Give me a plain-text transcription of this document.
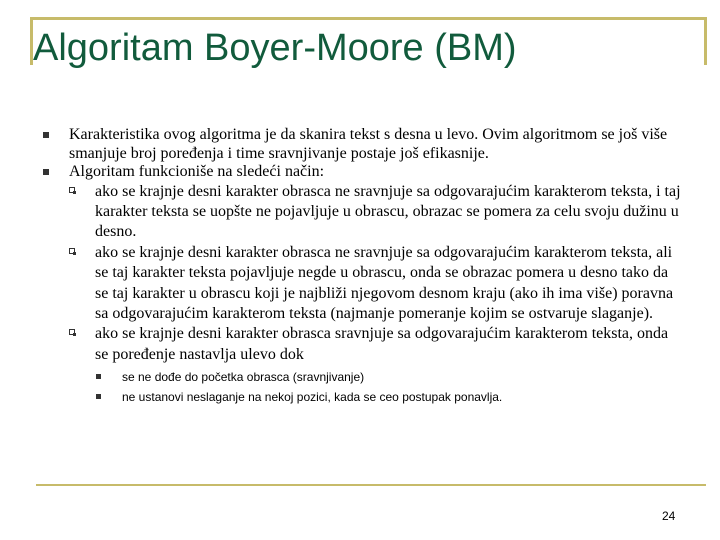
Algoritam Boyer-Moore (BM)
Karakteristika ovog algoritma je da skanira tekst s desna u levo. Ovim algoritmom se još više smanjuje broj poređenja i time sravnjivanje postaje još efikasnije.
Algoritam funkcioniše na sledeći način:
ako se krajnje desni karakter obrasca ne sravnjuje sa odgovarajućim karakterom teksta, i taj karakter teksta se uopšte ne pojavljuje u obrascu, obrazac se pomera za celu svoju dužinu u desno.
ako se krajnje desni karakter obrasca ne sravnjuje sa odgovarajućim karakterom teksta, ali se taj karakter teksta pojavljuje negde u obrascu, onda se obrazac pomera u desno tako da se taj karakter u obrascu koji je najbliži njegovom desnom kraju (ako ih ima više) poravna sa odgovarajućim karakterom teksta (najmanje pomeranje kojim se ostvaruje slaganje).
ako se krajnje desni karakter obrasca sravnjuje sa odgovarajućim karakterom teksta, onda se poređenje nastavlja ulevo dok
se ne dođe do početka obrasca (sravnjivanje)
ne ustanovi neslaganje na nekoj pozici, kada se ceo postupak ponavlja.
24
